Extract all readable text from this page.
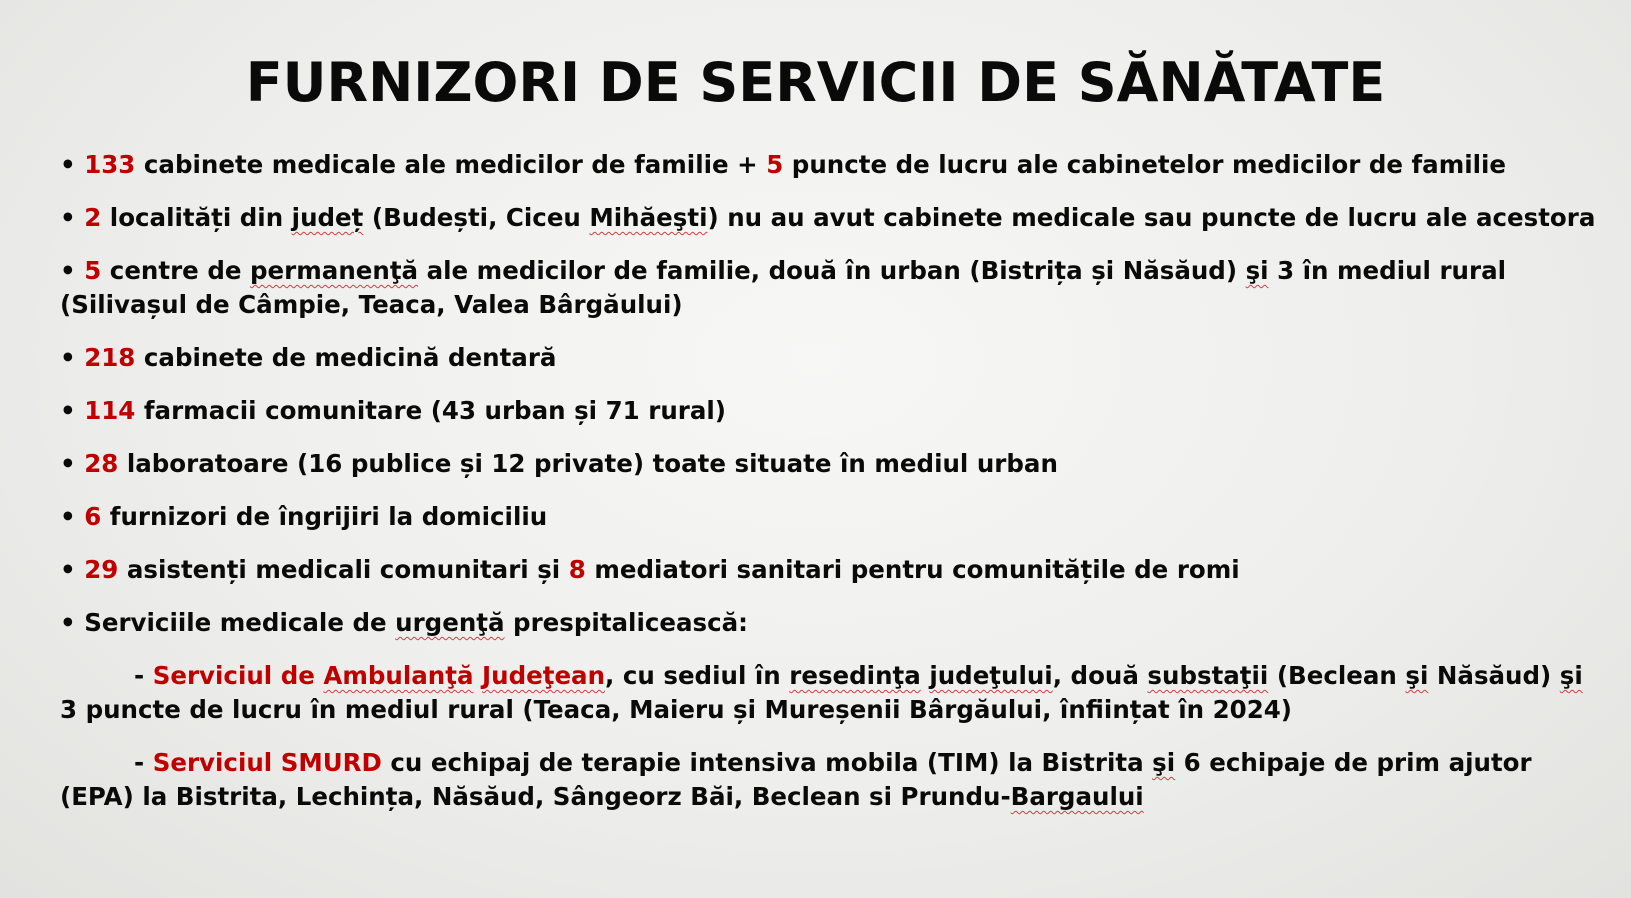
FURNIZORI DE SERVICII DE SĂNĂTATE

• 133 cabinete medicale ale medicilor de familie + 5 puncte de lucru ale cabinetelor medicilor de familie

• 2 localități din județ (Budești, Ciceu Mihăeşti) nu au avut cabinete medicale sau puncte de lucru ale acestora

• 5 centre de permanenţă ale medicilor de familie, două în urban (Bistrița și Năsăud) şi 3 în mediul rural (Silivașul de Câmpie, Teaca, Valea Bârgăului)

• 218 cabinete de medicină dentară

• 114 farmacii comunitare (43 urban și 71 rural)

• 28 laboratoare (16 publice și 12 private) toate situate în mediul urban

• 6 furnizori de îngrijiri la domiciliu

• 29 asistenți medicali comunitari și 8 mediatori sanitari pentru comunitățile de romi

• Serviciile medicale de urgenţă prespitalicească:

- Serviciul de Ambulanţă Judeţean, cu sediul în resedinţa judeţului, două substaţii (Beclean şi Năsăud) şi 3 puncte de lucru în mediul rural (Teaca, Maieru și Mureșenii Bârgăului, înființat în 2024)

- Serviciul SMURD cu echipaj de terapie intensiva mobila (TIM) la Bistrita şi 6 echipaje de prim ajutor (EPA) la Bistrita, Lechința, Năsăud, Sângeorz Băi, Beclean si Prundu-Bargaului
